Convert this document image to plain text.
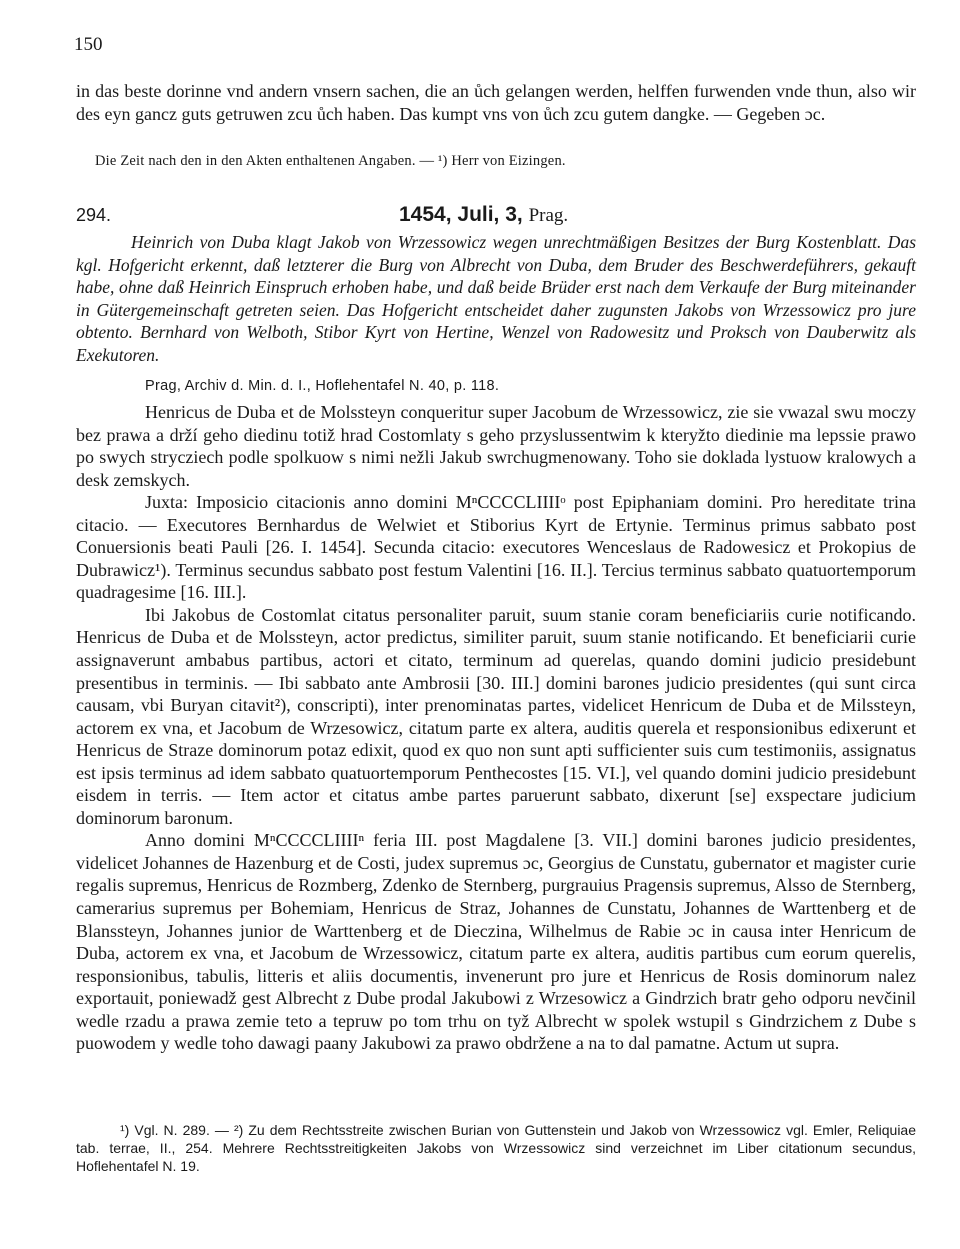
150
in das beste dorinne vnd andern vnsern sachen, die an ůch gelangen werden, helffen furwenden vnde thun, also wir des eyn gancz guts getruwen zcu ůch haben. Das kumpt vns von ůch zcu gutem dangke. — Gegeben ɔc.
Die Zeit nach den in den Akten enthaltenen Angaben. — ¹) Herr von Eizingen.
294.	1454, Juli, 3, Prag.
Heinrich von Duba klagt Jakob von Wrzessowicz wegen unrechtmäßigen Besitzes der Burg Kostenblatt. Das kgl. Hofgericht erkennt, daß letzterer die Burg von Albrecht von Duba, dem Bruder des Beschwerdeführers, gekauft habe, ohne daß Heinrich Einspruch erhoben habe, und daß beide Brüder erst nach dem Verkaufe der Burg miteinander in Gütergemeinschaft getreten seien. Das Hofgericht entscheidet daher zugunsten Jakobs von Wrzessowicz pro jure obtento. Bernhard von Welboth, Stibor Kyrt von Hertine, Wenzel von Radowesitz und Proksch von Dauberwitz als Exekutoren.
Prag, Archiv d. Min. d. I., Hoflehentafel N. 40, p. 118.

Henricus de Duba et de Molssteyn conqueritur super Jacobum de Wrzessowicz, zie sie vwazal swu moczy bez prawa a drží geho diedinu totiž hrad Costomlaty s geho przyslussentwim k kteryžto diedinie ma lepssie prawo po swych strycziech podle spolkuow s nimi nežli Jakub swrchugmenowany. Toho sie doklada lystuow kralowych a desk zemskych.

Juxta: Imposicio citacionis anno domini MⁿCCCCLIIIIᵒ post Epiphaniam domini. Pro hereditate trina citacio. — Executores Bernhardus de Welwiet et Stiborius Kyrt de Ertynie. Terminus primus sabbato post Conuersionis beati Pauli [26. I. 1454]. Secunda citacio: executores Wenceslaus de Radowesicz et Prokopius de Dubrawicz¹). Terminus secundus sabbato post festum Valentini [16. II.]. Tercius terminus sabbato quatuortemporum quadragesime [16. III.].

Ibi Jakobus de Costomlat citatus personaliter paruit, suum stanie coram beneficiariis curie notificando. Henricus de Duba et de Molssteyn, actor predictus, similiter paruit, suum stanie notificando. Et beneficiarii curie assignaverunt ambabus partibus, actori et citato, terminum ad querelas, quando domini judicio presidebunt presentibus in terminis. — Ibi sabbato ante Ambrosii [30. III.] domini barones judicio presidentes (qui sunt circa causam, vbi Buryan citavit²), conscripti), inter prenominatas partes, videlicet Henricum de Duba et de Milssteyn, actorem ex vna, et Jacobum de Wrzesowicz, citatum parte ex altera, auditis querela et responsionibus edixerunt et Henricus de Straze dominorum potaz edixit, quod ex quo non sunt apti sufficienter suis cum testimoniis, assignatus est ipsis terminus ad idem sabbato quatuortemporum Penthecostes [15. VI.], vel quando domini judicio presidebunt eisdem in terris. — Item actor et citatus ambe partes paruerunt sabbato, dixerunt [se] exspectare judicium dominorum baronum.

Anno domini MⁿCCCCLIIIIⁿ feria III. post Magdalene [3. VII.] domini barones judicio presidentes, videlicet Johannes de Hazenburg et de Costi, judex supremus ɔc, Georgius de Cunstatu, gubernator et magister curie regalis supremus, Henricus de Rozmberg, Zdenko de Sternberg, purgrauius Pragensis supremus, Alsso de Sternberg, camerarius supremus per Bohemiam, Henricus de Straz, Johannes de Cunstatu, Johannes de Warttenberg et de Blanssteyn, Johannes junior de Warttenberg et de Dieczina, Wilhelmus de Rabie ɔc in causa inter Henricum de Duba, actorem ex vna, et Jacobum de Wrzessowicz, citatum parte ex altera, auditis partibus cum eorum querelis, responsionibus, tabulis, litteris et aliis documentis, invenerunt pro jure et Henricus de Rosis dominorum nalez exportauit, poniewadž gest Albrecht z Dube prodal Jakubowi z Wrzesowicz a Gindrzich bratr geho odporu nevčinil wedle rzadu a prawa zemie teto a tepruw po tom trhu on tyž Albrecht w spolek wstupil s Gindrzichem z Dube s puowodem y wedle toho dawagi paany Jakubowi za prawo obdržene a na to dal pamatne. Actum ut supra.

¹) Vgl. N. 289. — ²) Zu dem Rechtsstreite zwischen Burian von Guttenstein und Jakob von Wrzessowicz vgl. Emler, Reliquiae tab. terrae, II., 254. Mehrere Rechtsstreitigkeiten Jakobs von Wrzessowicz sind verzeichnet im Liber citationum secundus, Hoflehentafel N. 19.
